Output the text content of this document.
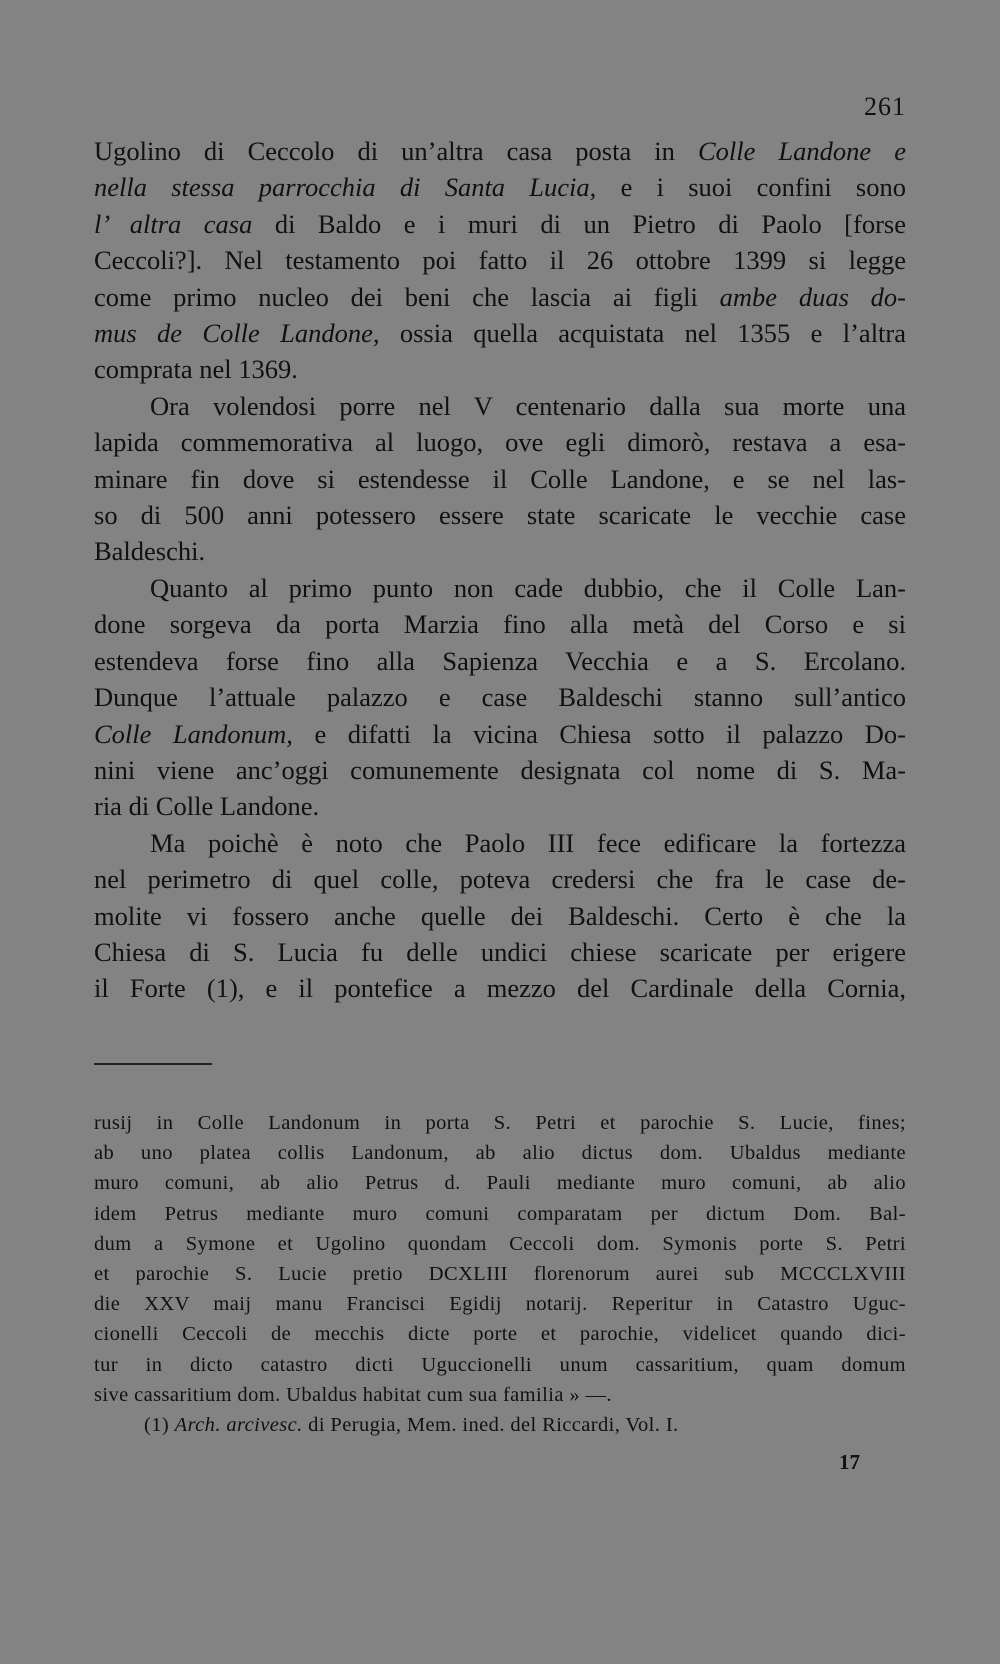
261
Ugolino di Ceccolo di un’altra casa posta in Colle Landone e
nella stessa parrocchia di Santa Lucia, e i suoi confini sono
l’ altra casa di Baldo e i muri di un Pietro di Paolo [forse
Ceccoli?]. Nel testamento poi fatto il 26 ottobre 1399 si legge
come primo nucleo dei beni che lascia ai figli ambe duas do-
mus de Colle Landone, ossia quella acquistata nel 1355 e l’altra
comprata nel 1369.
Ora volendosi porre nel V centenario dalla sua morte una
lapida commemorativa al luogo, ove egli dimorò, restava a esa-
minare fin dove si estendesse il Colle Landone, e se nel las-
so di 500 anni potessero essere state scaricate le vecchie case
Baldeschi.
Quanto al primo punto non cade dubbio, che il Colle Lan-
done sorgeva da porta Marzia fino alla metà del Corso e si
estendeva forse fino alla Sapienza Vecchia e a S. Ercolano.
Dunque l’attuale palazzo e case Baldeschi stanno sull’antico
Colle Landonum, e difatti la vicina Chiesa sotto il palazzo Do-
nini viene anc’oggi comunemente designata col nome di S. Ma-
ria di Colle Landone.
Ma poichè è noto che Paolo III fece edificare la fortezza
nel perimetro di quel colle, poteva credersi che fra le case de-
molite vi fossero anche quelle dei Baldeschi. Certo è che la
Chiesa di S. Lucia fu delle undici chiese scaricate per erigere
il Forte (1), e il pontefice a mezzo del Cardinale della Cornia,
rusij in Colle Landonum in porta S. Petri et parochie S. Lucie, fines;
ab uno platea collis Landonum, ab alio dictus dom. Ubaldus mediante
muro comuni, ab alio Petrus d. Pauli mediante muro comuni, ab alio
idem Petrus mediante muro comuni comparatam per dictum Dom. Bal-
dum a Symone et Ugolino quondam Ceccoli dom. Symonis porte S. Petri
et parochie S. Lucie pretio DCXLIII florenorum aurei sub MCCCLXVIII
die XXV maij manu Francisci Egidij notarij. Reperitur in Catastro Uguc-
cionelli Ceccoli de mecchis dicte porte et parochie, videlicet quando dici-
tur in dicto catastro dicti Uguccionelli unum cassaritium, quam domum
sive cassaritium dom. Ubaldus habitat cum sua familia » —.
(1) Arch. arcivesc. di Perugia, Mem. ined. del Riccardi, Vol. I.
17
